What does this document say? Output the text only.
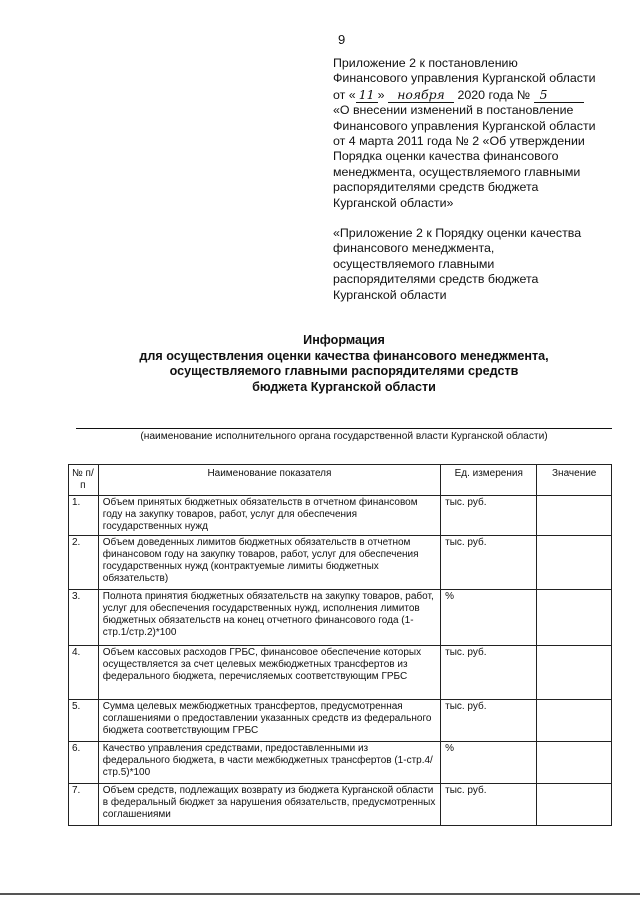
9
Приложение 2 к постановлению
Финансового управления Курганской области
от « 11 » ноября 2020 года № 5
«О внесении изменений в постановление
Финансового управления Курганской области
от 4 марта 2011 года № 2 «Об утверждении
Порядка оценки качества финансового
менеджмента, осуществляемого главными
распорядителями средств бюджета
Курганской области»
«Приложение 2 к Порядку оценки качества
финансового менеджмента,
осуществляемого главными
распорядителями средств бюджета
Курганской области
Информация
для осуществления оценки качества финансового менеджмента,
осуществляемого главными распорядителями средств
бюджета Курганской области
(наименование исполнительного органа государственной власти Курганской области)
№ п/п	Наименование показателя	Ед. измерения	Значение
1.	Объем принятых бюджетных обязательств в отчетном финансовом году на закупку товаров, работ, услуг для обеспечения государственных нужд	тыс. руб.	
2.	Объем доведенных лимитов бюджетных обязательств в отчетном финансовом году на закупку товаров, работ, услуг для обеспечения государственных нужд (контрактуемые лимиты бюджетных обязательств)	тыс. руб.	
3.	Полнота принятия бюджетных обязательств на закупку товаров, работ, услуг для обеспечения государственных нужд, исполнения лимитов бюджетных обязательств на конец отчетного финансового года (1-стр.1/стр.2)*100	%	
4.	Объем кассовых расходов ГРБС, финансовое обеспечение которых осуществляется за счет целевых межбюджетных трансфертов из федерального бюджета, перечисляемых соответствующим ГРБС	тыс. руб.	
5.	Сумма целевых межбюджетных трансфертов, предусмотренная соглашениями о предоставлении указанных средств из федерального бюджета соответствующим ГРБС	тыс. руб.	
6.	Качество управления средствами, предоставленными из федерального бюджета, в части межбюджетных трансфертов (1-стр.4/стр.5)*100	%	
7.	Объем средств, подлежащих возврату из бюджета Курганской области в федеральный бюджет за нарушения обязательств, предусмотренных соглашениями	тыс. руб.	
